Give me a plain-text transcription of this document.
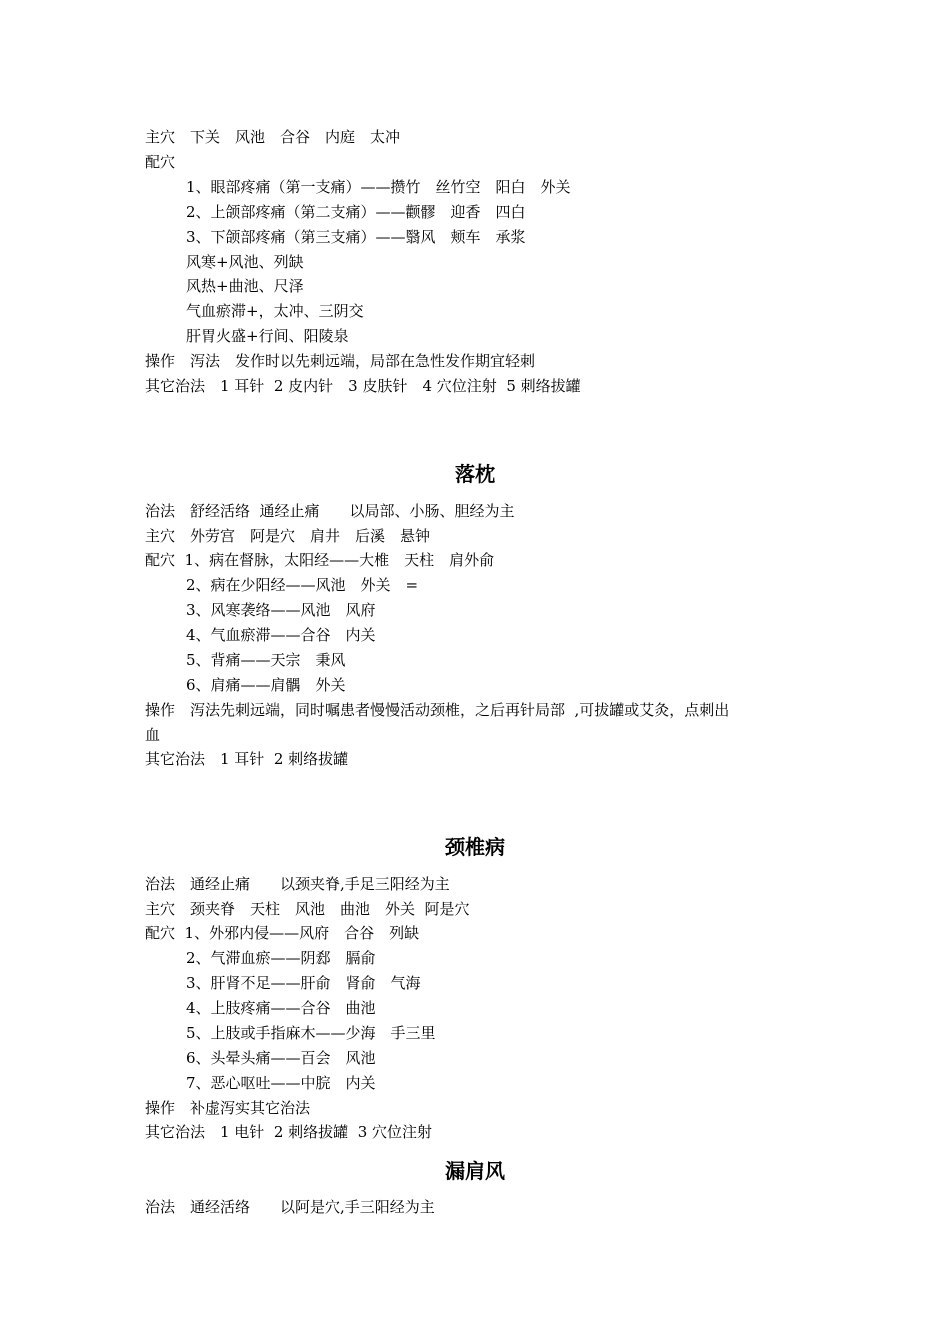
主穴　下关　风池　合谷　内庭　太冲
配穴
1、眼部疼痛（第一支痛）——攒竹　丝竹空　阳白　外关
2、上颌部疼痛（第二支痛）——颧髎　迎香　四白
3、下颌部疼痛（第三支痛）——翳风　颊车　承浆
风寒+风池、列缺
风热+曲池、尺泽
气血瘀滞+，太冲、三阴交
肝胃火盛+行间、阳陵泉
操作　泻法　发作时以先刺远端，局部在急性发作期宜轻刺
其它治法　1 耳针  2 皮内针　3 皮肤针　4 穴位注射  5 刺络拔罐
落枕
治法　舒经活络  通经止痛　　以局部、小肠、胆经为主
主穴　外劳宫　阿是穴　肩井　后溪　悬钟
配穴  1、病在督脉，太阳经——大椎　天柱　肩外俞
2、病在少阳经——风池　外关　=
3、风寒袭络——风池　风府
4、气血瘀滞——合谷　内关
5、背痛——天宗　秉风
6、肩痛——肩髃　外关
操作　泻法先刺远端，同时嘱患者慢慢活动颈椎，之后再针局部  ,可拔罐或艾灸，点刺出
血
其它治法　1 耳针  2 刺络拔罐
颈椎病
治法　通经止痛　　以颈夹脊,手足三阳经为主
主穴　颈夹脊　天柱　风池　曲池　外关  阿是穴
配穴  1、外邪内侵——风府　合谷　列缺
2、气滞血瘀——阴郄　膈俞
3、肝肾不足——肝俞　肾俞　气海
4、上肢疼痛——合谷　曲池
5、上肢或手指麻木——少海　手三里
6、头晕头痛——百会　风池
7、恶心呕吐——中脘　内关
操作　补虚泻实其它治法
其它治法　1 电针  2 刺络拔罐  3 穴位注射
漏肩风
治法　通经活络　　以阿是穴,手三阳经为主
